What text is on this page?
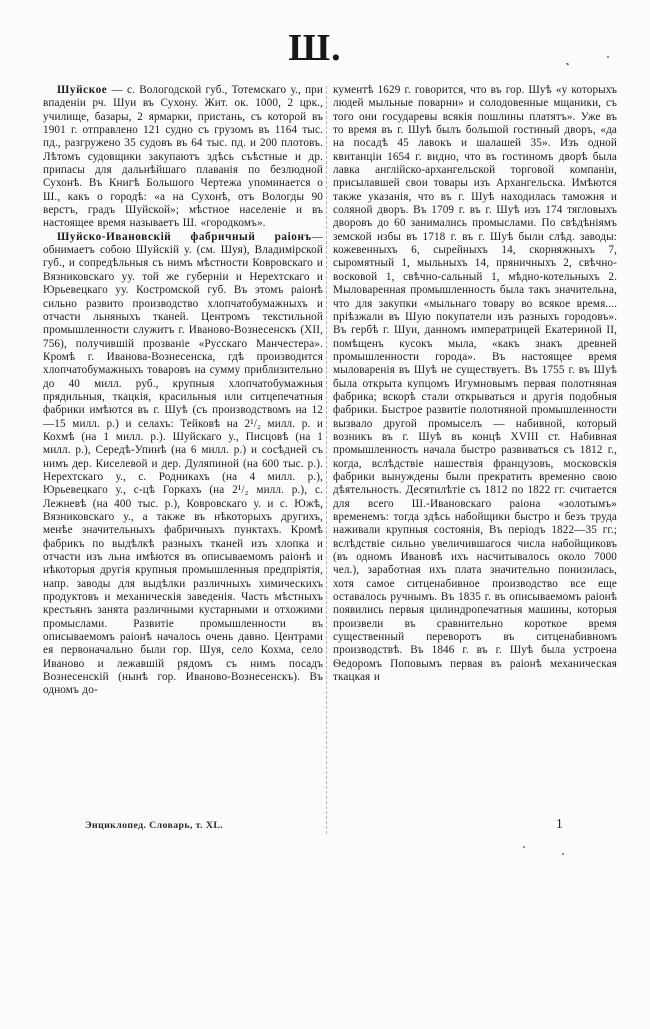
Ш.

Шуйское — с. Вологодской губ., Тотемскаго у., при впаденіи рч. Шуи въ Сухону. Жит. ок. 1000, 2 црк., училище, базары, 2 ярмарки, пристань, съ которой въ 1901 г. отправлено 121 судно съ грузомъ въ 1164 тыс. пд., разгружено 35 судовъ въ 64 тыс. пд. и 200 плотовъ. Лѣтомъ судовщики закупаютъ здѣсь съѣстные и др. припасы для дальнѣйшаго плаванія по безлюдной Сухонѣ. Въ Книгѣ Большого Чертежа упоминается о Ш., какъ о городѣ: «а на Сухонѣ, отъ Вологды 90 верстъ, градъ Шуйской»; мѣстное населеніе и въ настоящее время называетъ Ш. «городкомъ».

Шуйско-Ивановскій фабричный раіонъ—обнимаетъ собою Шуйскій у. (см. Шуя), Владимірской губ., и сопредѣльныя съ нимъ мѣстности Ковровскаго и Вязниковскаго уу. той же губерніи и Нерехтскаго и Юрьевецкаго уу. Костромской губ. Въ этомъ раіонѣ сильно развито производство хлопчатобумажныхъ и отчасти льняныхъ тканей. Центромъ текстильной промышленности служитъ г. Иваново-Вознесенскъ (XII, 756), получившій прозваніе «Русскаго Манчестера». Кромѣ г. Иванова-Вознесенска, гдѣ производится хлопчатобумажныхъ товаровъ на сумму приблизительно до 40 милл. руб., крупныя хлопчатобумажныя прядильныя, ткацкія, красильныя или ситцепечатныя фабрики имѣются въ г. Шуѣ (съ производствомъ на 12—15 милл. р.) и селахъ: Тейковѣ на 2¹/₂ милл. р. и Кохмѣ (на 1 милл. р.). Шуйскаго у., Писцовѣ (на 1 милл. р.), Середѣ-Упинѣ (на 6 милл. р.) и сосѣдней съ нимъ дер. Киселевой и дер. Дуляпиной (на 600 тыс. р.). Нерехтскаго у., с. Родникахъ (на 4 милл. р.), Юрьевецкаго у., с-цѣ Горкахъ (на 2¹/₂ милл. р.), с. Лежневѣ (на 400 тыс. р.), Ковровскаго у. и с. Южѣ, Вязниковскаго у., а также въ нѣкоторыхъ другихъ, менѣе значительныхъ фабричныхъ пунктахъ. Кромѣ фабрикъ по выдѣлкѣ разныхъ тканей изъ хлопка и отчасти изъ льна имѣются въ описываемомъ раіонѣ и нѣкоторыя другія крупныя промышленныя предпріятія, напр. заводы для выдѣлки различныхъ химическихъ продуктовъ и механическія заведенія. Часть мѣстныхъ крестьянъ занята различными кустарными и отхожими промыслами. Развитіе промышленности въ описываемомъ раіонѣ началось очень давно. Центрами ея первоначально были гор. Шуя, село Кохма, село Иваново и лежавшій рядомъ съ нимъ посадъ Вознесенскій (нынѣ гор. Иваново-Вознесенскъ). Въ одномъ до-

кументѣ 1629 г. говорится, что въ гор. Шуѣ «у которыхъ людей мыльные поварни» и солодовенные мщаники, съ того они государевы всякія пошлины платятъ». Уже въ то время въ г. Шуѣ былъ большой гостиный дворъ, «да на посадѣ 45 лавокъ и шалашей 35». Изъ одной квитанціи 1654 г. видно, что въ гостиномъ дворѣ была лавка англійско-архангельской торговой компаніи, присылавшей свои товары изъ Архангельска. Имѣются также указанія, что въ г. Шуѣ находилась таможня и соляной дворъ. Въ 1709 г. въ г. Шуѣ изъ 174 тягловыхъ дворовъ до 60 занимались промыслами. По свѣдѣніямъ земской избы въ 1718 г. въ г. Шуѣ были слѣд. заводы: кожевенныхъ 6, сырейныхъ 14, скорняжныхъ 7, сыромятный 1, мыльныхъ 14, пряничныхъ 2, свѣчно-восковой 1, свѣчно-сальный 1, мѣдно-котельныхъ 2. Мыловаренная промышленность была такъ значительна, что для закупки «мыльнаго товару во всякое время.... пріѣзжали въ Шую покупатели изъ разныхъ городовъ». Въ гербѣ г. Шуи, данномъ императрицей Екатериной II, помѣщенъ кусокъ мыла, «какъ знакъ древней промышленности города». Въ настоящее время мыловаренія въ Шуѣ не существуетъ. Въ 1755 г. въ Шуѣ была открыта купцомъ Игумновымъ первая полотняная фабрика; вскорѣ стали открываться и другія подобныя фабрики. Быстрое развитіе полотняной промышленности вызвало другой промыселъ — набивной, который возникъ въ г. Шуѣ въ концѣ XVIII ст. Набивная промышленность начала быстро развиваться съ 1812 г., когда, вслѣдствіе нашествія французовъ, московскія фабрики вынуждены были прекратить временно свою дѣятельность. Десятилѣтіе съ 1812 по 1822 гг. считается для всего Ш.-Ивановскаго раіона «золотымъ» временемъ: тогда здѣсь набойщики быстро и безъ труда наживали крупныя состоянія, Въ періодъ 1822—35 гг.; вслѣдствіе сильно увеличившагося числа набойщиковъ (въ одномъ Ивановѣ ихъ насчитывалось около 7000 чел.), заработная ихъ плата значительно понизилась, хотя самое ситценабивное производство все еще оставалось ручнымъ. Въ 1835 г. въ описываемомъ раіонѣ появились первыя цилиндропечатныя машины, которыя произвели въ сравнительно короткое время существенный переворотъ въ ситценабивномъ производствѣ. Въ 1846 г. въ г. Шуѣ была устроена Ѳедоромъ Поповымъ первая въ раіонѣ механическая ткацкая и

Энциклопед. Словарь, т. XL.	1
